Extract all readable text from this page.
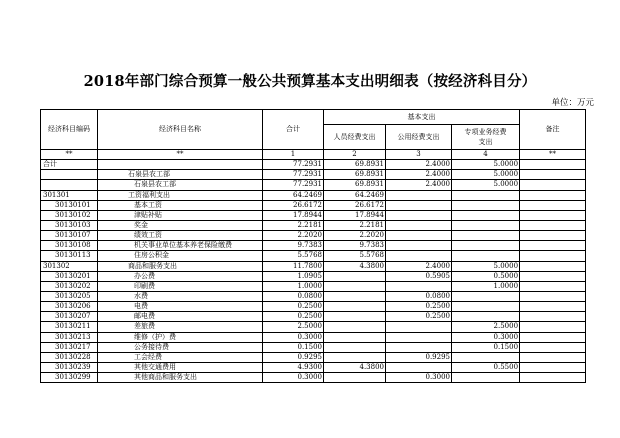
2018年部门综合预算一般公共预算基本支出明细表（按经济科目分）
单位：万元
经济科目编码	经济科目名称	合计	基本支出			备注
			人员经费支出	公用经费支出	专项业务经费支出	
**	**	1	2	3	4	**
合计		77.2931	69.8931	2.4000	5.0000	
	石泉县农工部	77.2931	69.8931	2.4000	5.0000	
	石泉县农工部	77.2931	69.8931	2.4000	5.0000	
301301	工资福利支出	64.2469	64.2469			
30130101	基本工资	26.6172	26.6172			
30130102	津贴补贴	17.8944	17.8944			
30130103	奖金	2.2181	2.2181			
30130107	绩效工资	2.2020	2.2020			
30130108	机关事业单位基本养老保险缴费	9.7383	9.7383			
30130113	住房公积金	5.5768	5.5768			
301302	商品和服务支出	11.7800	4.3800	2.4000	5.0000	
30130201	办公费	1.0905		0.5905	0.5000	
30130202	印刷费	1.0000			1.0000	
30130205	水费	0.0800		0.0800		
30130206	电费	0.2500		0.2500		
30130207	邮电费	0.2500		0.2500		
30130211	差旅费	2.5000			2.5000	
30130213	维修（护）费	0.3000			0.3000	
30130217	公务接待费	0.1500			0.1500	
30130228	工会经费	0.9295		0.9295		
30130239	其他交通费用	4.9300	4.3800		0.5500	
30130299	其他商品和服务支出	0.3000		0.3000		
